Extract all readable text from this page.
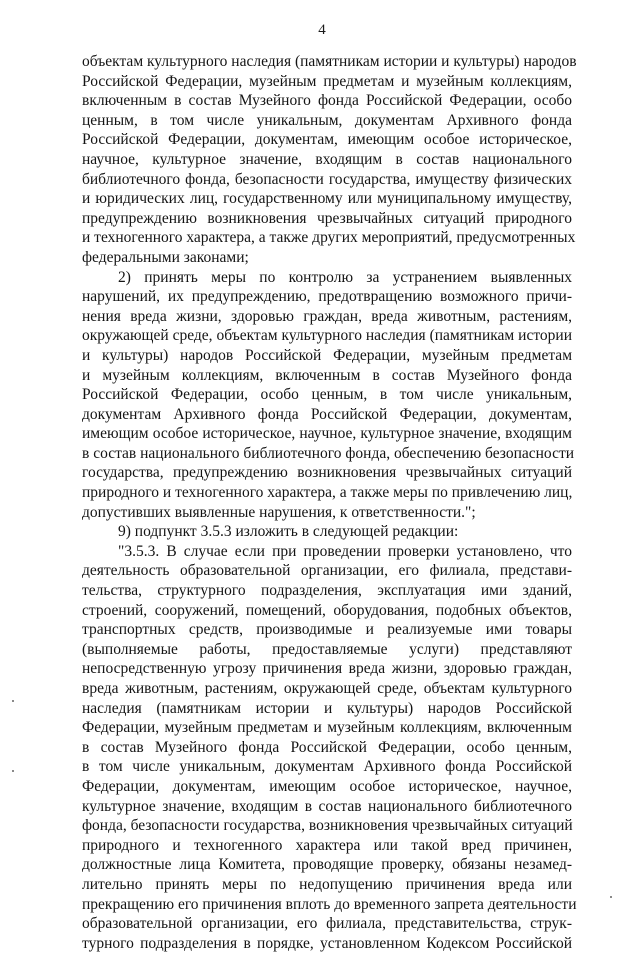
4
объектам культурного наследия (памятникам истории и культуры) народов
Российской Федерации, музейным предметам и музейным коллекциям,
включенным в состав Музейного фонда Российской Федерации, особо
ценным, в том числе уникальным, документам Архивного фонда
Российской Федерации, документам, имеющим особое историческое,
научное, культурное значение, входящим в состав национального
библиотечного фонда, безопасности государства, имуществу физических
и юридических лиц, государственному или муниципальному имуществу,
предупреждению возникновения чрезвычайных ситуаций природного
и техногенного характера, а также других мероприятий, предусмотренных
федеральными законами;
2) принять меры по контролю за устранением выявленных
нарушений, их предупреждению, предотвращению возможного причи-
нения вреда жизни, здоровью граждан, вреда животным, растениям,
окружающей среде, объектам культурного наследия (памятникам истории
и культуры) народов Российской Федерации, музейным предметам
и музейным коллекциям, включенным в состав Музейного фонда
Российской Федерации, особо ценным, в том числе уникальным,
документам Архивного фонда Российской Федерации, документам,
имеющим особое историческое, научное, культурное значение, входящим
в состав национального библиотечного фонда, обеспечению безопасности
государства, предупреждению возникновения чрезвычайных ситуаций
природного и техногенного характера, а также меры по привлечению лиц,
допустивших выявленные нарушения, к ответственности.";
9) подпункт 3.5.3 изложить в следующей редакции:
"3.5.3. В случае если при проведении проверки установлено, что
деятельность образовательной организации, его филиала, представи-
тельства, структурного подразделения, эксплуатация ими зданий,
строений, сооружений, помещений, оборудования, подобных объектов,
транспортных средств, производимые и реализуемые ими товары
(выполняемые работы, предоставляемые услуги) представляют
непосредственную угрозу причинения вреда жизни, здоровью граждан,
вреда животным, растениям, окружающей среде, объектам культурного
наследия (памятникам истории и культуры) народов Российской
Федерации, музейным предметам и музейным коллекциям, включенным
в состав Музейного фонда Российской Федерации, особо ценным,
в том числе уникальным, документам Архивного фонда Российской
Федерации, документам, имеющим особое историческое, научное,
культурное значение, входящим в состав национального библиотечного
фонда, безопасности государства, возникновения чрезвычайных ситуаций
природного и техногенного характера или такой вред причинен,
должностные лица Комитета, проводящие проверку, обязаны незамед-
лительно принять меры по недопущению причинения вреда или
прекращению его причинения вплоть до временного запрета деятельности
образовательной организации, его филиала, представительства, струк-
турного подразделения в порядке, установленном Кодексом Российской
